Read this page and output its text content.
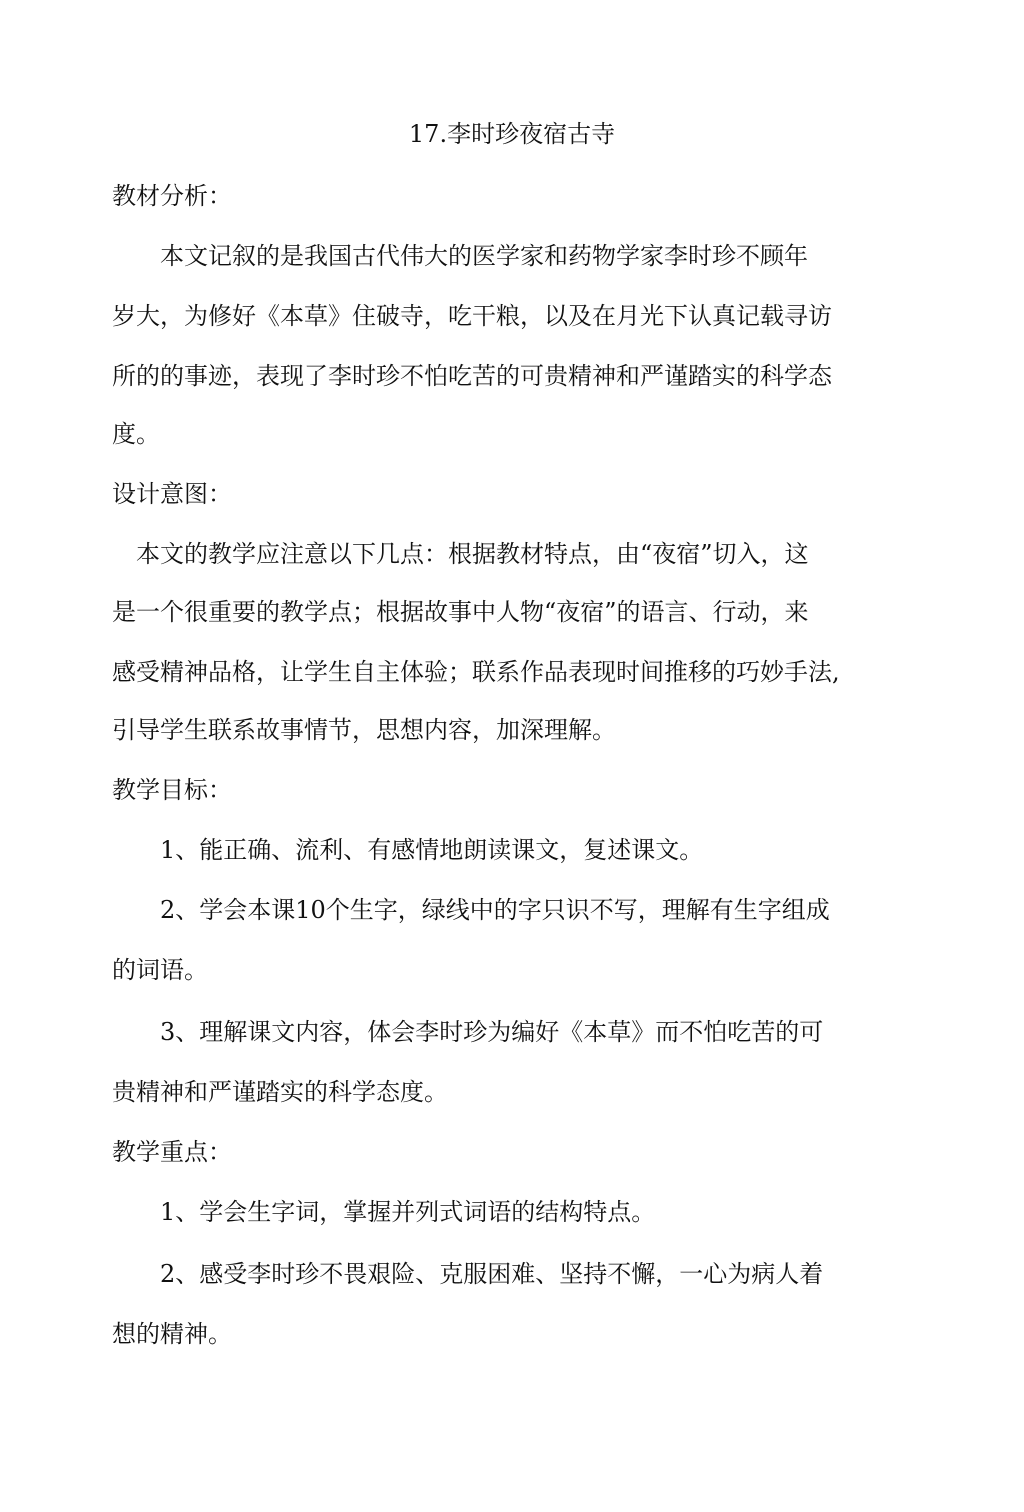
17.李时珍夜宿古寺
教材分析：
本文记叙的是我国古代伟大的医学家和药物学家李时珍不顾年
岁大，为修好《本草》住破寺，吃干粮，以及在月光下认真记载寻访
所的的事迹，表现了李时珍不怕吃苦的可贵精神和严谨踏实的科学态
度。
设计意图：
本文的教学应注意以下几点：根据教材特点，由“夜宿”切入，这
是一个很重要的教学点；根据故事中人物“夜宿”的语言、行动，来
感受精神品格，让学生自主体验；联系作品表现时间推移的巧妙手法,
引导学生联系故事情节，思想内容，加深理解。
教学目标：
1、能正确、流利、有感情地朗读课文，复述课文。
2、学会本课10个生字，绿线中的字只识不写，理解有生字组成
的词语。
3、理解课文内容，体会李时珍为编好《本草》而不怕吃苦的可
贵精神和严谨踏实的科学态度。
教学重点：
1、学会生字词，掌握并列式词语的结构特点。
2、感受李时珍不畏艰险、克服困难、坚持不懈，一心为病人着
想的精神。
